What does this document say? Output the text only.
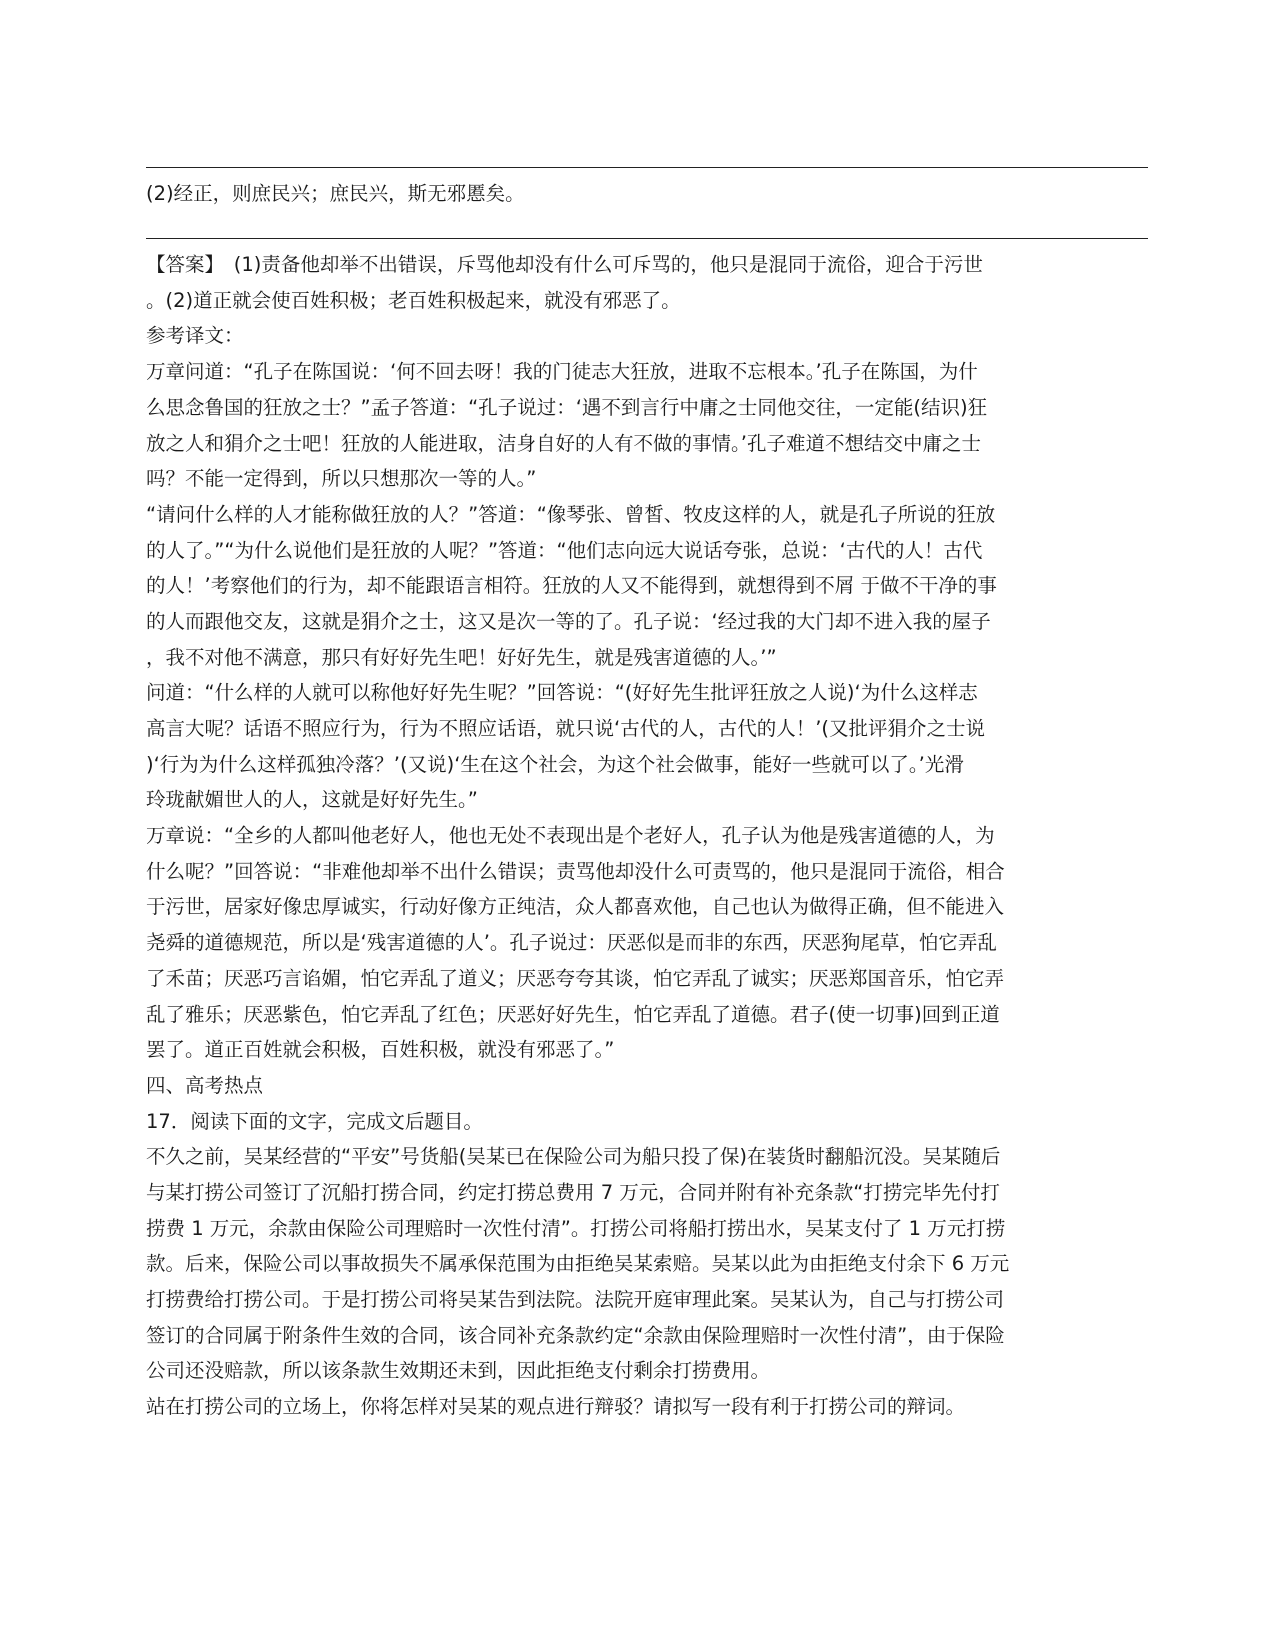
(2)经正，则庶民兴；庶民兴，斯无邪慝矣。
【答案】　(1)责备他却举不出错误，斥骂他却没有什么可斥骂的，他只是混同于流俗，迎合于污世
。(2)道正就会使百姓积极；老百姓积极起来，就没有邪恶了。
参考译文：
万章问道：“孔子在陈国说：‘何不回去呀！我的门徒志大狂放，进取不忘根本。’孔子在陈国，为什
么思念鲁国的狂放之士？”孟子答道：“孔子说过：‘遇不到言行中庸之士同他交往，一定能(结识)狂
放之人和狷介之士吧！狂放的人能进取，洁身自好的人有不做的事情。’孔子难道不想结交中庸之士
吗？不能一定得到，所以只想那次一等的人。”
“请问什么样的人才能称做狂放的人？”答道：“像琴张、曾皙、牧皮这样的人，就是孔子所说的狂放
的人了。”“为什么说他们是狂放的人呢？”答道：“他们志向远大说话夸张，总说：‘古代的人！古代
的人！’考察他们的行为，却不能跟语言相符。狂放的人又不能得到，就想得到不屑 于做不干净的事
的人而跟他交友，这就是狷介之士，这又是次一等的了。孔子说：‘经过我的大门却不进入我的屋子
，我不对他不满意，那只有好好先生吧！好好先生，就是残害道德的人。’”
问道：“什么样的人就可以称他好好先生呢？”回答说：“(好好先生批评狂放之人说)‘为什么这样志
高言大呢？话语不照应行为，行为不照应话语，就只说‘古代的人，古代的人！’(又批评狷介之士说
)‘行为为什么这样孤独冷落？’(又说)‘生在这个社会，为这个社会做事，能好一些就可以了。’光滑
玲珑献媚世人的人，这就是好好先生。”
万章说：“全乡的人都叫他老好人，他也无处不表现出是个老好人，孔子认为他是残害道德的人，为
什么呢？”回答说：“非难他却举不出什么错误；责骂他却没什么可责骂的，他只是混同于流俗，相合
于污世，居家好像忠厚诚实，行动好像方正纯洁，众人都喜欢他，自己也认为做得正确，但不能进入
尧舜的道德规范，所以是‘残害道德的人’。孔子说过：厌恶似是而非的东西，厌恶狗尾草，怕它弄乱
了禾苗；厌恶巧言谄媚，怕它弄乱了道义；厌恶夸夸其谈，怕它弄乱了诚实；厌恶郑国音乐，怕它弄
乱了雅乐；厌恶紫色，怕它弄乱了红色；厌恶好好先生，怕它弄乱了道德。君子(使一切事)回到正道
罢了。道正百姓就会积极，百姓积极，就没有邪恶了。”
四、高考热点
17．阅读下面的文字，完成文后题目。
不久之前，吴某经营的“平安”号货船(吴某已在保险公司为船只投了保)在装货时翻船沉没。吴某随后
与某打捞公司签订了沉船打捞合同，约定打捞总费用 7 万元，合同并附有补充条款“打捞完毕先付打
捞费 1 万元，余款由保险公司理赔时一次性付清”。打捞公司将船打捞出水，吴某支付了 1 万元打捞
款。后来，保险公司以事故损失不属承保范围为由拒绝吴某索赔。吴某以此为由拒绝支付余下 6 万元
打捞费给打捞公司。于是打捞公司将吴某告到法院。法院开庭审理此案。吴某认为，自己与打捞公司
签订的合同属于附条件生效的合同，该合同补充条款约定“余款由保险理赔时一次性付清”，由于保险
公司还没赔款，所以该条款生效期还未到，因此拒绝支付剩余打捞费用。
站在打捞公司的立场上，你将怎样对吴某的观点进行辩驳？请拟写一段有利于打捞公司的辩词。
